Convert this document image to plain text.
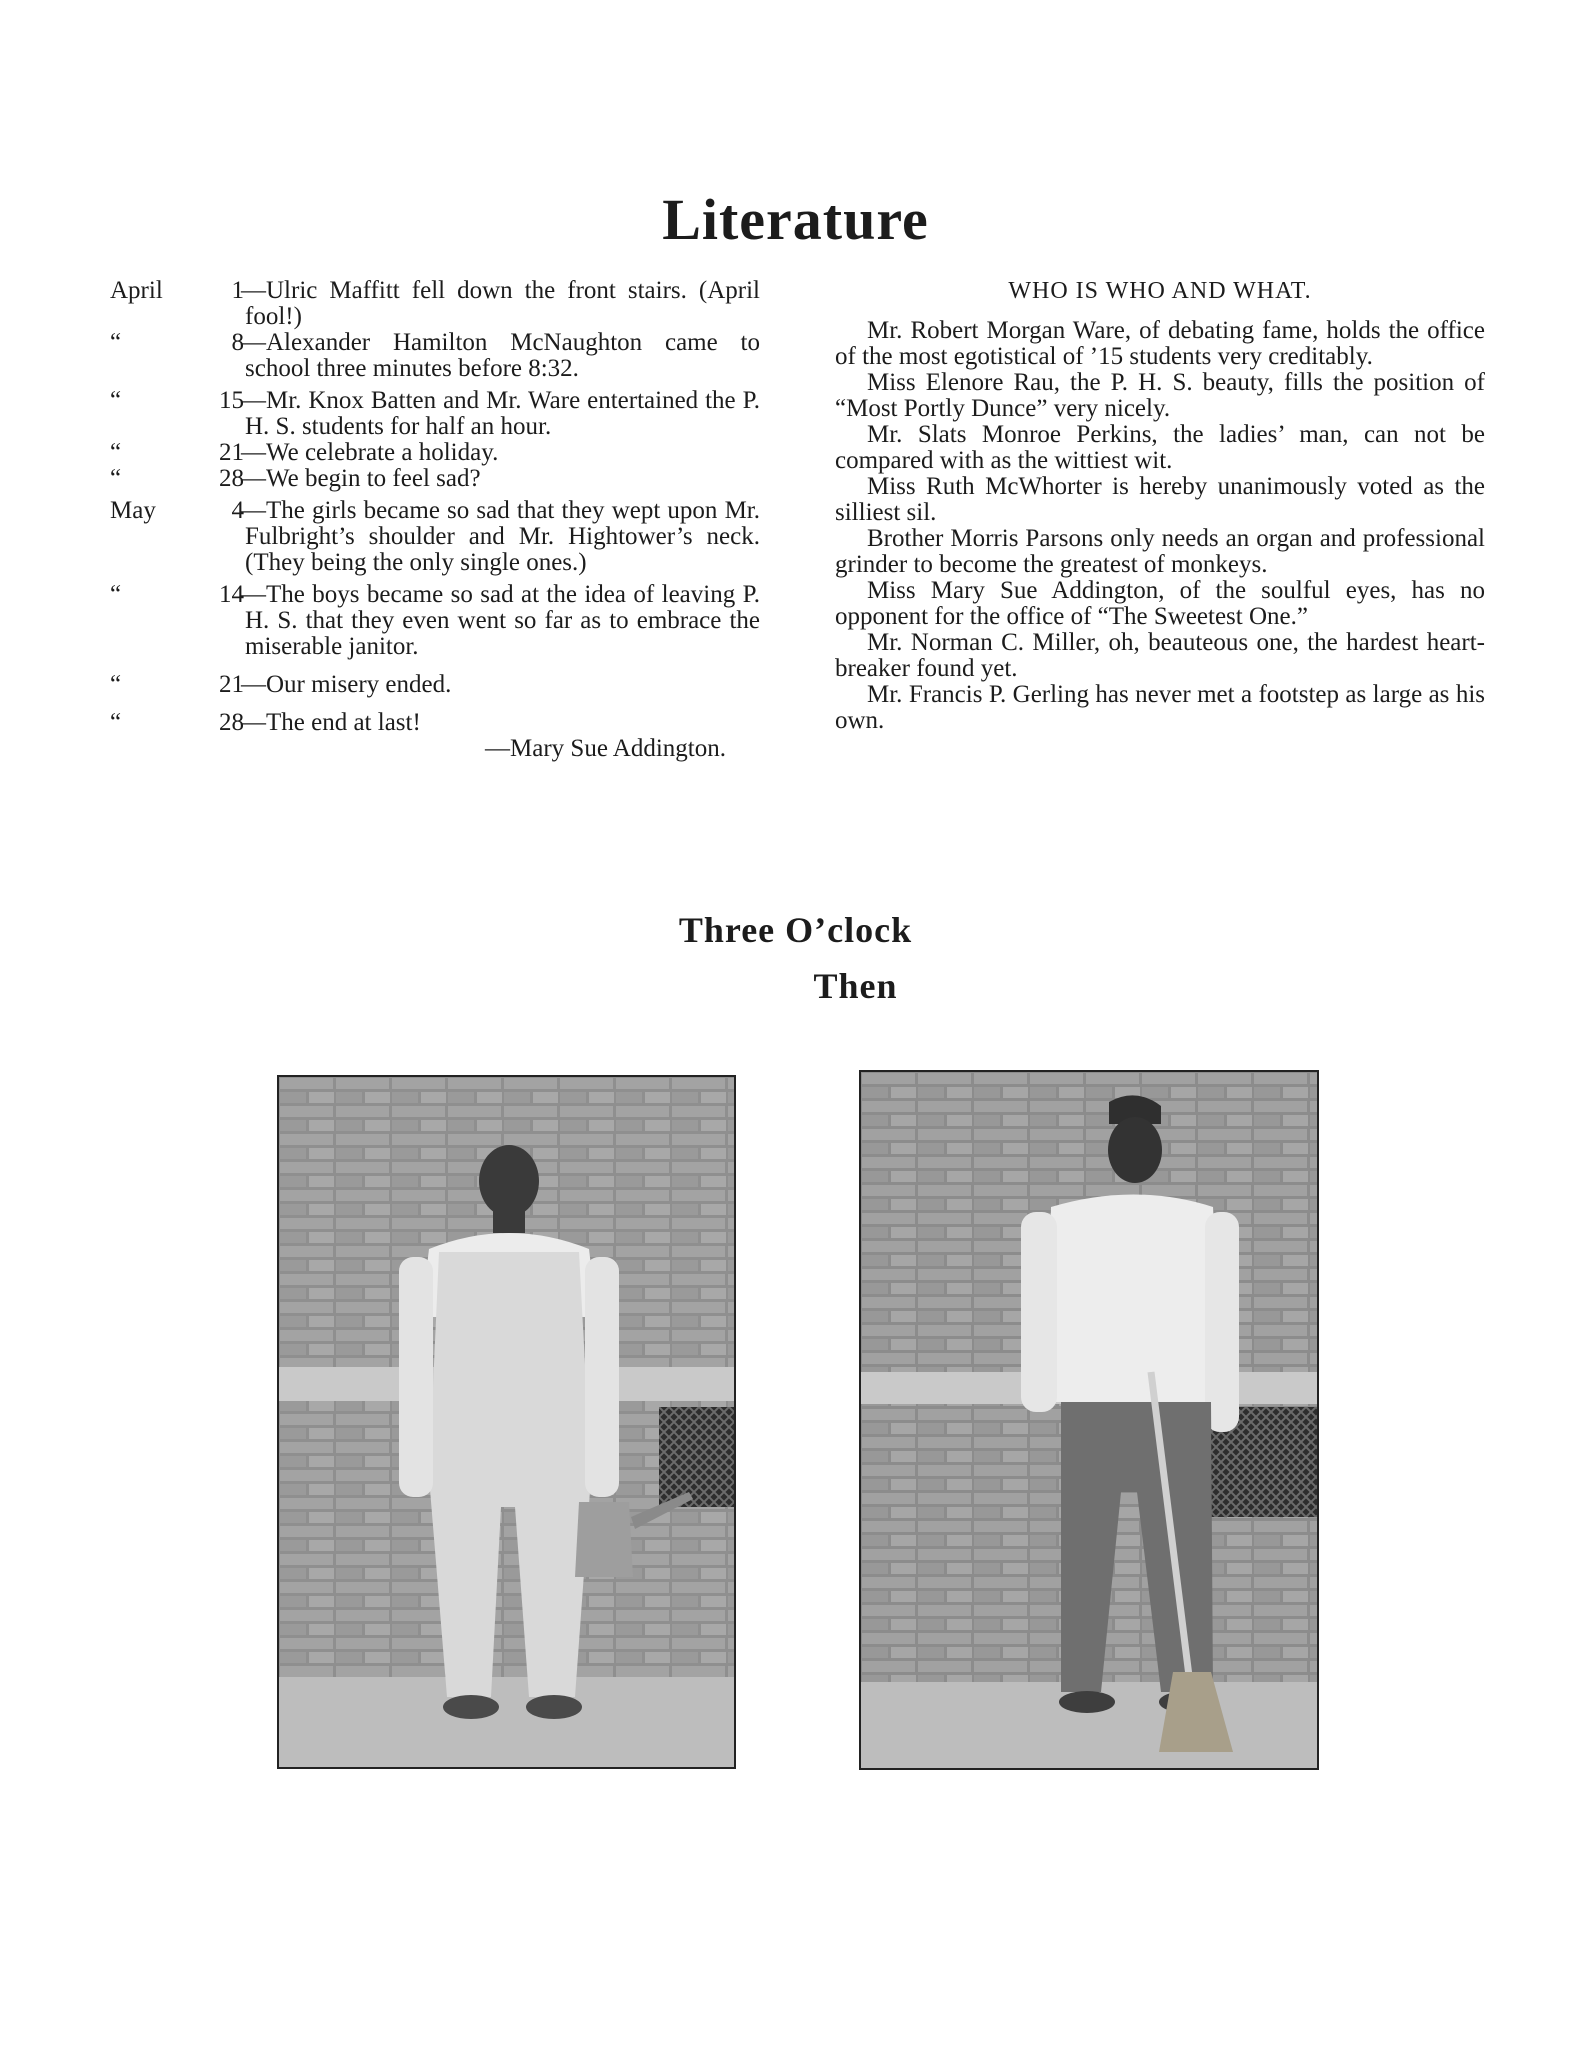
Literature

April	1
—Ulric Maffitt fell down the front stairs. (April fool!)

“	8
—Alexander Hamilton McNaughton came to school three minutes before 8:32.

“	15
—Mr. Knox Batten and Mr. Ware entertained the P. H. S. students for half an hour.

“	21
—We celebrate a holiday.

“	28
—We begin to feel sad?

May	4
—The girls became so sad that they wept upon Mr. Fulbright’s shoulder and Mr. Hightower’s neck. (They being the only single ones.)

“	14
—The boys became so sad at the idea of leaving P. H. S. that they even went so far as to embrace the miserable janitor.

“	21
—Our misery ended.

“	28
—The end at last!

—Mary Sue Addington.

WHO IS WHO AND WHAT.

Mr. Robert Morgan Ware, of debating fame, holds the office of the most egotistical of ’15 students very creditably.

Miss Elenore Rau, the P. H. S. beauty, fills the position of “Most Portly Dunce” very nicely.

Mr. Slats Monroe Perkins, the ladies’ man, can not be compared with as the wittiest wit.

Miss Ruth McWhorter is hereby unanimously voted as the silliest sil.

Brother Morris Parsons only needs an organ and professional grinder to become the greatest of monkeys.

Miss Mary Sue Addington, of the soulful eyes, has no opponent for the office of “The Sweetest One.”

Mr. Norman C. Miller, oh, beauteous one, the hardest heart-breaker found yet.

Mr. Francis P. Gerling has never met a footstep as large as his own.

Three O’clock
Then
